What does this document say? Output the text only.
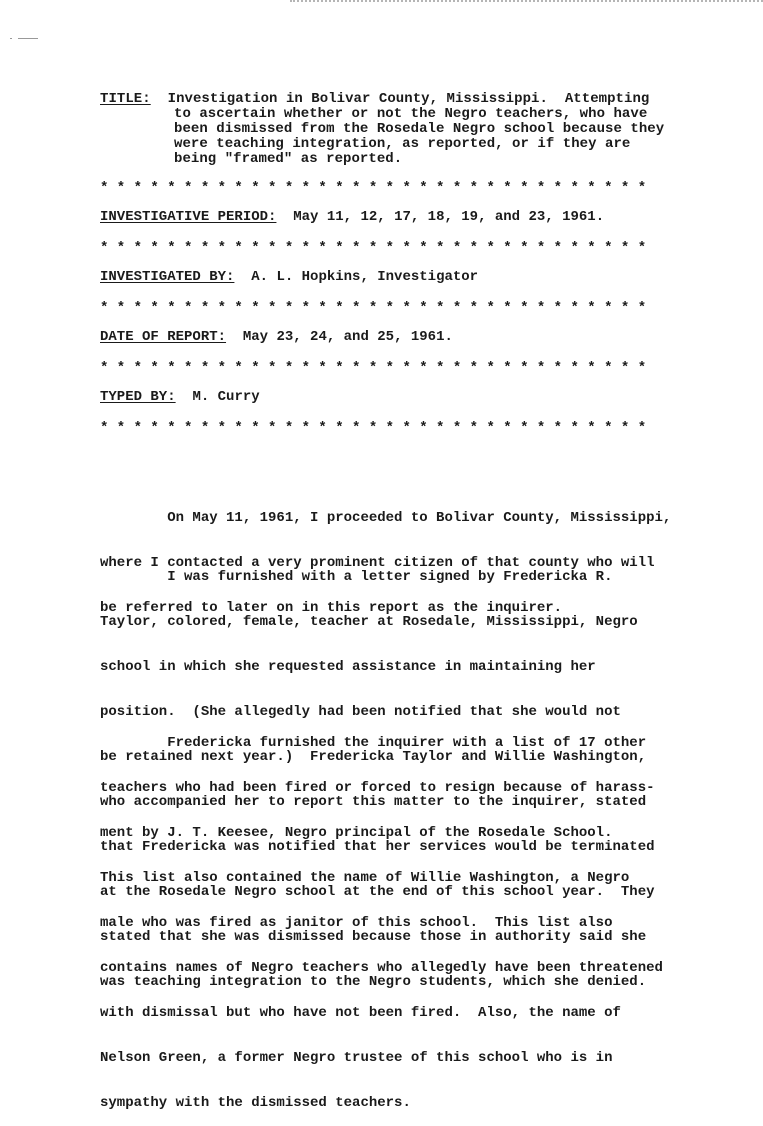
TITLE: Investigation in Bolivar County, Mississippi.  Attempting
to ascertain whether or not the Negro teachers, who have
been dismissed from the Rosedale Negro school because they
were teaching integration, as reported, or if they are
being "framed" as reported.
* * * * * * * * * * * * * * * * * * * * * * * * * * * * * * * * *
INVESTIGATIVE PERIOD: May 11, 12, 17, 18, 19, and 23, 1961.
* * * * * * * * * * * * * * * * * * * * * * * * * * * * * * * * *
INVESTIGATED BY: A. L. Hopkins, Investigator
* * * * * * * * * * * * * * * * * * * * * * * * * * * * * * * * *
DATE OF REPORT: May 23, 24, and 25, 1961.
* * * * * * * * * * * * * * * * * * * * * * * * * * * * * * * * *
TYPED BY: M. Curry
* * * * * * * * * * * * * * * * * * * * * * * * * * * * * * * * *

On May 11, 1961, I proceeded to Bolivar County, Mississippi,

where I contacted a very prominent citizen of that county who will

be referred to later on in this report as the inquirer.

I was furnished with a letter signed by Fredericka R.

Taylor, colored, female, teacher at Rosedale, Mississippi, Negro

school in which she requested assistance in maintaining her

position.  (She allegedly had been notified that she would not

be retained next year.)  Fredericka Taylor and Willie Washington,

who accompanied her to report this matter to the inquirer, stated

that Fredericka was notified that her services would be terminated

at the Rosedale Negro school at the end of this school year.  They

stated that she was dismissed because those in authority said she

was teaching integration to the Negro students, which she denied.

Fredericka furnished the inquirer with a list of 17 other

teachers who had been fired or forced to resign because of harass-

ment by J. T. Keesee, Negro principal of the Rosedale School.

This list also contained the name of Willie Washington, a Negro

male who was fired as janitor of this school.  This list also

contains names of Negro teachers who allegedly have been threatened

with dismissal but who have not been fired.  Also, the name of

Nelson Green, a former Negro trustee of this school who is in

sympathy with the dismissed teachers.
